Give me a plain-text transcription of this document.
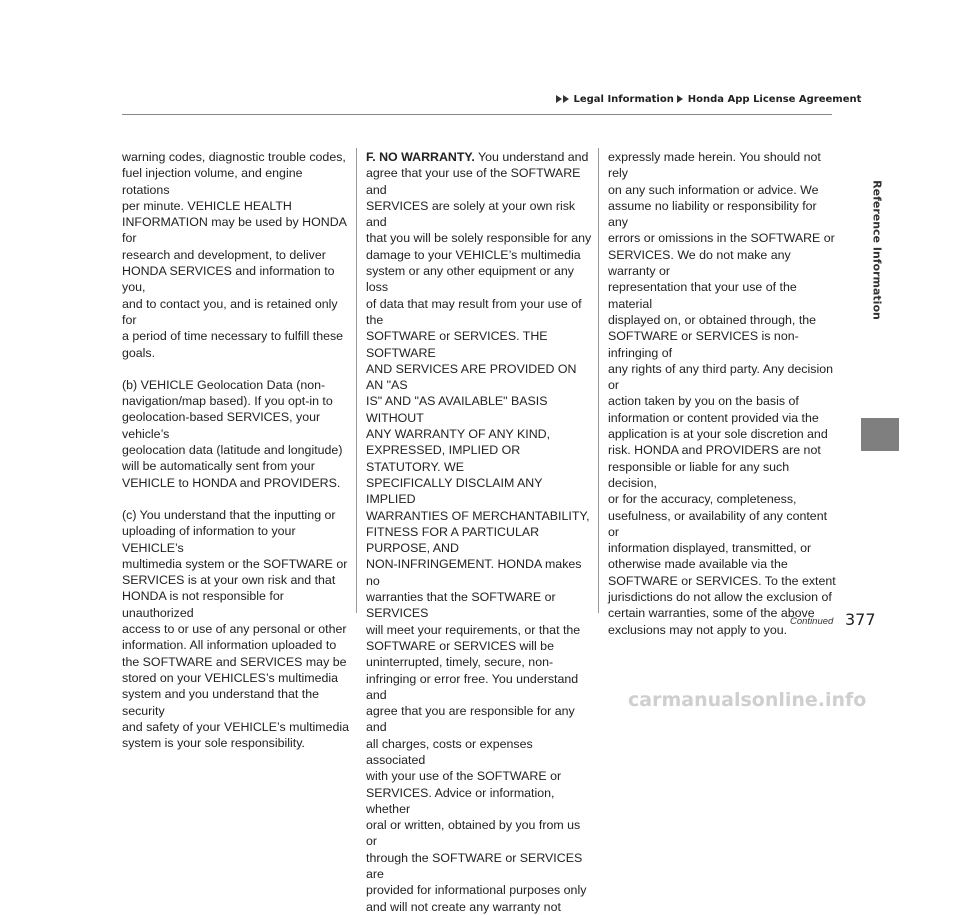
Legal Information Honda App License Agreement

warning codes, diagnostic trouble codes,
fuel injection volume, and engine rotations
per minute. VEHICLE HEALTH
INFORMATION may be used by HONDA for
research and development, to deliver
HONDA SERVICES and information to you,
and to contact you, and is retained only for
a period of time necessary to fulfill these
goals.

(b) VEHICLE Geolocation Data (non-
navigation/map based). If you opt-in to
geolocation-based SERVICES, your vehicle’s
geolocation data (latitude and longitude)
will be automatically sent from your
VEHICLE to HONDA and PROVIDERS.

(c) You understand that the inputting or
uploading of information to your VEHICLE’s
multimedia system or the SOFTWARE or
SERVICES is at your own risk and that
HONDA is not responsible for unauthorized
access to or use of any personal or other
information. All information uploaded to
the SOFTWARE and SERVICES may be
stored on your VEHICLES’s multimedia
system and you understand that the security
and safety of your VEHICLE’s multimedia
system is your sole responsibility.

F. NO WARRANTY. You understand and
agree that your use of the SOFTWARE and
SERVICES are solely at your own risk and
that you will be solely responsible for any
damage to your VEHICLE’s multimedia
system or any other equipment or any loss
of data that may result from your use of the
SOFTWARE or SERVICES. THE SOFTWARE
AND SERVICES ARE PROVIDED ON AN "AS
IS" AND "AS AVAILABLE" BASIS WITHOUT
ANY WARRANTY OF ANY KIND,
EXPRESSED, IMPLIED OR STATUTORY. WE
SPECIFICALLY DISCLAIM ANY IMPLIED
WARRANTIES OF MERCHANTABILITY,
FITNESS FOR A PARTICULAR PURPOSE, AND
NON-INFRINGEMENT. HONDA makes no
warranties that the SOFTWARE or SERVICES
will meet your requirements, or that the
SOFTWARE or SERVICES will be
uninterrupted, timely, secure, non-
infringing or error free. You understand and
agree that you are responsible for any and
all charges, costs or expenses associated
with your use of the SOFTWARE or
SERVICES. Advice or information, whether
oral or written, obtained by you from us or
through the SOFTWARE or SERVICES are
provided for informational purposes only
and will not create any warranty not

expressly made herein. You should not rely
on any such information or advice. We
assume no liability or responsibility for any
errors or omissions in the SOFTWARE or
SERVICES. We do not make any warranty or
representation that your use of the material
displayed on, or obtained through, the
SOFTWARE or SERVICES is non-infringing of
any rights of any third party. Any decision or
action taken by you on the basis of
information or content provided via the
application is at your sole discretion and
risk. HONDA and PROVIDERS are not
responsible or liable for any such decision,
or for the accuracy, completeness,
usefulness, or availability of any content or
information displayed, transmitted, or
otherwise made available via the
SOFTWARE or SERVICES. To the extent
jurisdictions do not allow the exclusion of
certain warranties, some of the above
exclusions may not apply to you.

Reference Information
Continued 377
carmanualsonline.info
